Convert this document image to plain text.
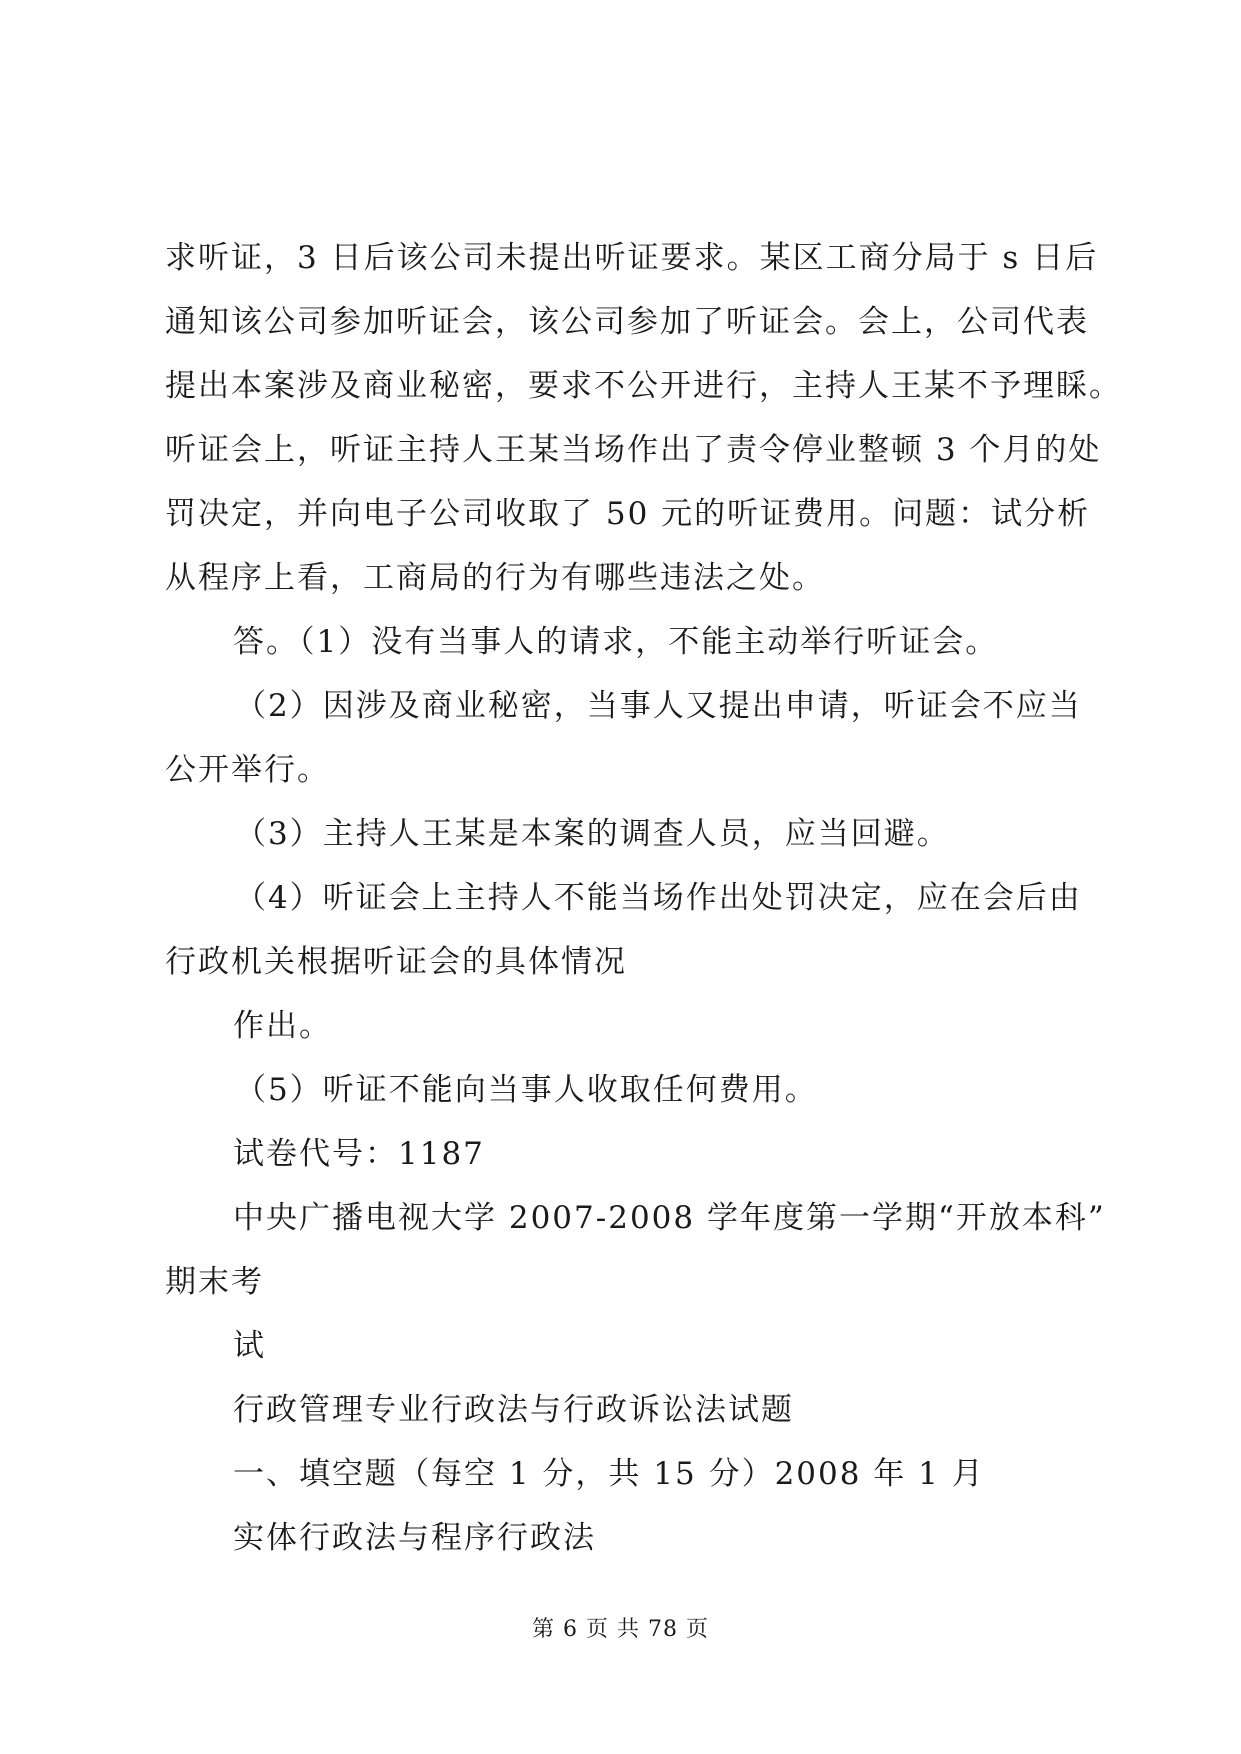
求听证，3 日后该公司未提出听证要求。某区工商分局于 s 日后
通知该公司参加听证会，该公司参加了听证会。会上，公司代表
提出本案涉及商业秘密，要求不公开进行，主持人王某不予理睬。
听证会上，听证主持人王某当场作出了责令停业整顿 3 个月的处
罚决定，并向电子公司收取了 50 元的听证费用。问题：试分析
从程序上看，工商局的行为有哪些违法之处。
答。（1）没有当事人的请求，不能主动举行听证会。
（2）因涉及商业秘密，当事人又提出申请，听证会不应当
公开举行。
（3）主持人王某是本案的调查人员，应当回避。
（4）听证会上主持人不能当场作出处罚决定，应在会后由
行政机关根据听证会的具体情况
作出。
（5）听证不能向当事人收取任何费用。
试卷代号：1187
中央广播电视大学 2007-2008 学年度第一学期“开放本科”
期末考
试
行政管理专业行政法与行政诉讼法试题
一、填空题（每空 1 分，共 15 分）2008 年 1 月
实体行政法与程序行政法
第 6 页 共 78 页
